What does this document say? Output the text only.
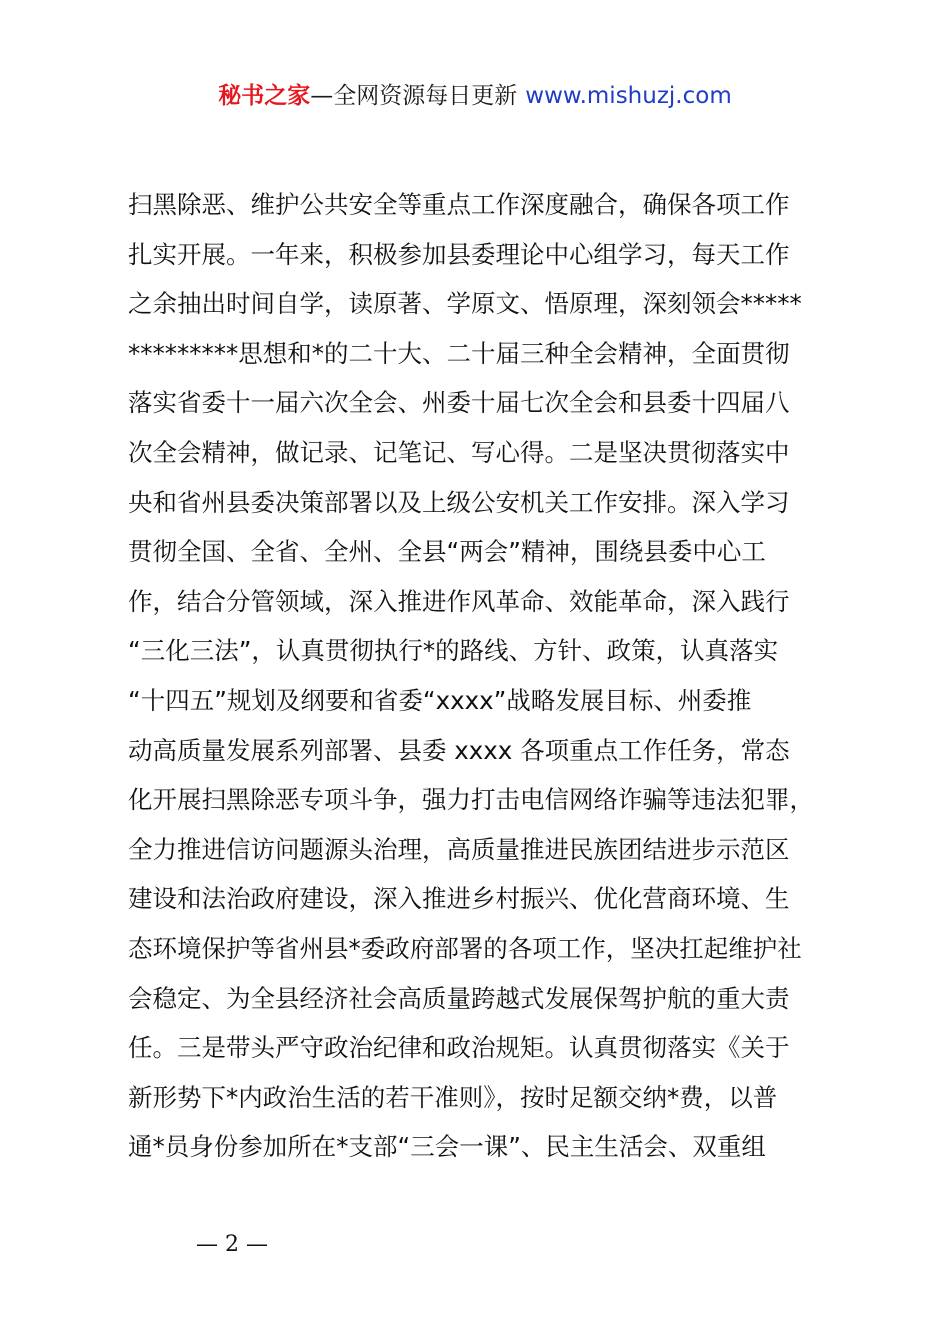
秘书之家—全网资源每日更新 www.mishuzj.com
扫黑除恶、维护公共安全等重点工作深度融合，确保各项工作
扎实开展。一年来，积极参加县委理论中心组学习，每天工作
之余抽出时间自学，读原著、学原文、悟原理，深刻领会*****
*********思想和*的二十大、二十届三种全会精神，全面贯彻
落实省委十一届六次全会、州委十届七次全会和县委十四届八
次全会精神，做记录、记笔记、写心得。二是坚决贯彻落实中
央和省州县委决策部署以及上级公安机关工作安排。深入学习
贯彻全国、全省、全州、全县“两会”精神，围绕县委中心工
作，结合分管领域，深入推进作风革命、效能革命，深入践行
“三化三法”，认真贯彻执行*的路线、方针、政策，认真落实
“十四五”规划及纲要和省委“xxxx”战略发展目标、州委推
动高质量发展系列部署、县委 xxxx 各项重点工作任务，常态
化开展扫黑除恶专项斗争，强力打击电信网络诈骗等违法犯罪，
全力推进信访问题源头治理，高质量推进民族团结进步示范区
建设和法治政府建设，深入推进乡村振兴、优化营商环境、生
态环境保护等省州县*委政府部署的各项工作，坚决扛起维护社
会稳定、为全县经济社会高质量跨越式发展保驾护航的重大责
任。三是带头严守政治纪律和政治规矩。认真贯彻落实《关于
新形势下*内政治生活的若干准则》，按时足额交纳*费，以普
通*员身份参加所在*支部“三会一课”、民主生活会、双重组
— 2 —
